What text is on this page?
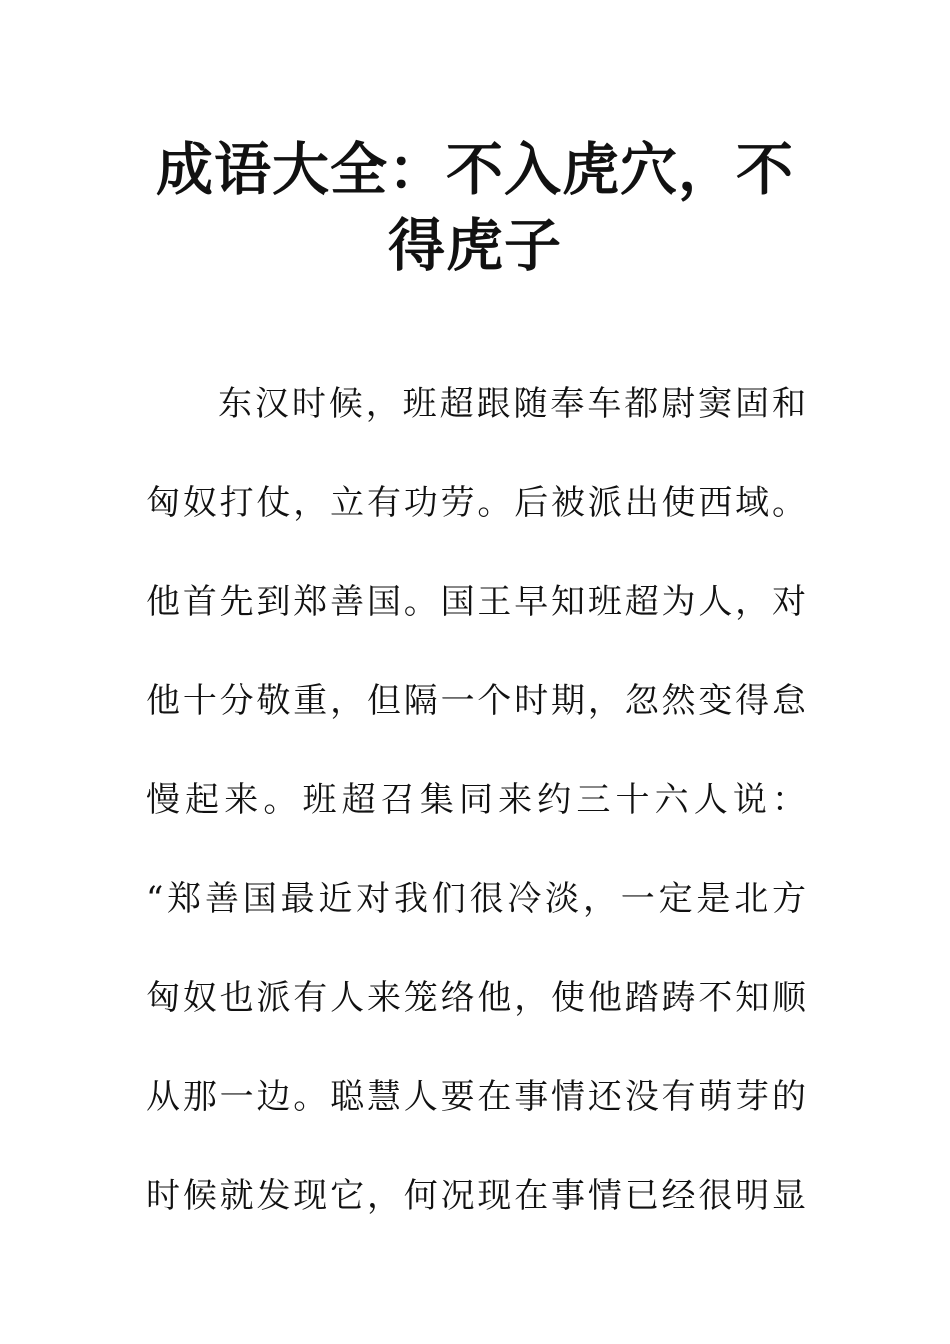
成语大全：不入虎穴，不
得虎子
东汉时候，班超跟随奉车都尉窦固和
匈奴打仗，立有功劳。后被派出使西域。
他首先到郑善国。国王早知班超为人，对
他十分敬重，但隔一个时期，忽然变得怠
慢起来。班超召集同来约三十六人说：
“郑善国最近对我们很冷淡，一定是北方
匈奴也派有人来笼络他，使他踏踌不知顺
从那一边。聪慧人要在事情还没有萌芽的
时候就发现它，何况现在事情已经很明显
